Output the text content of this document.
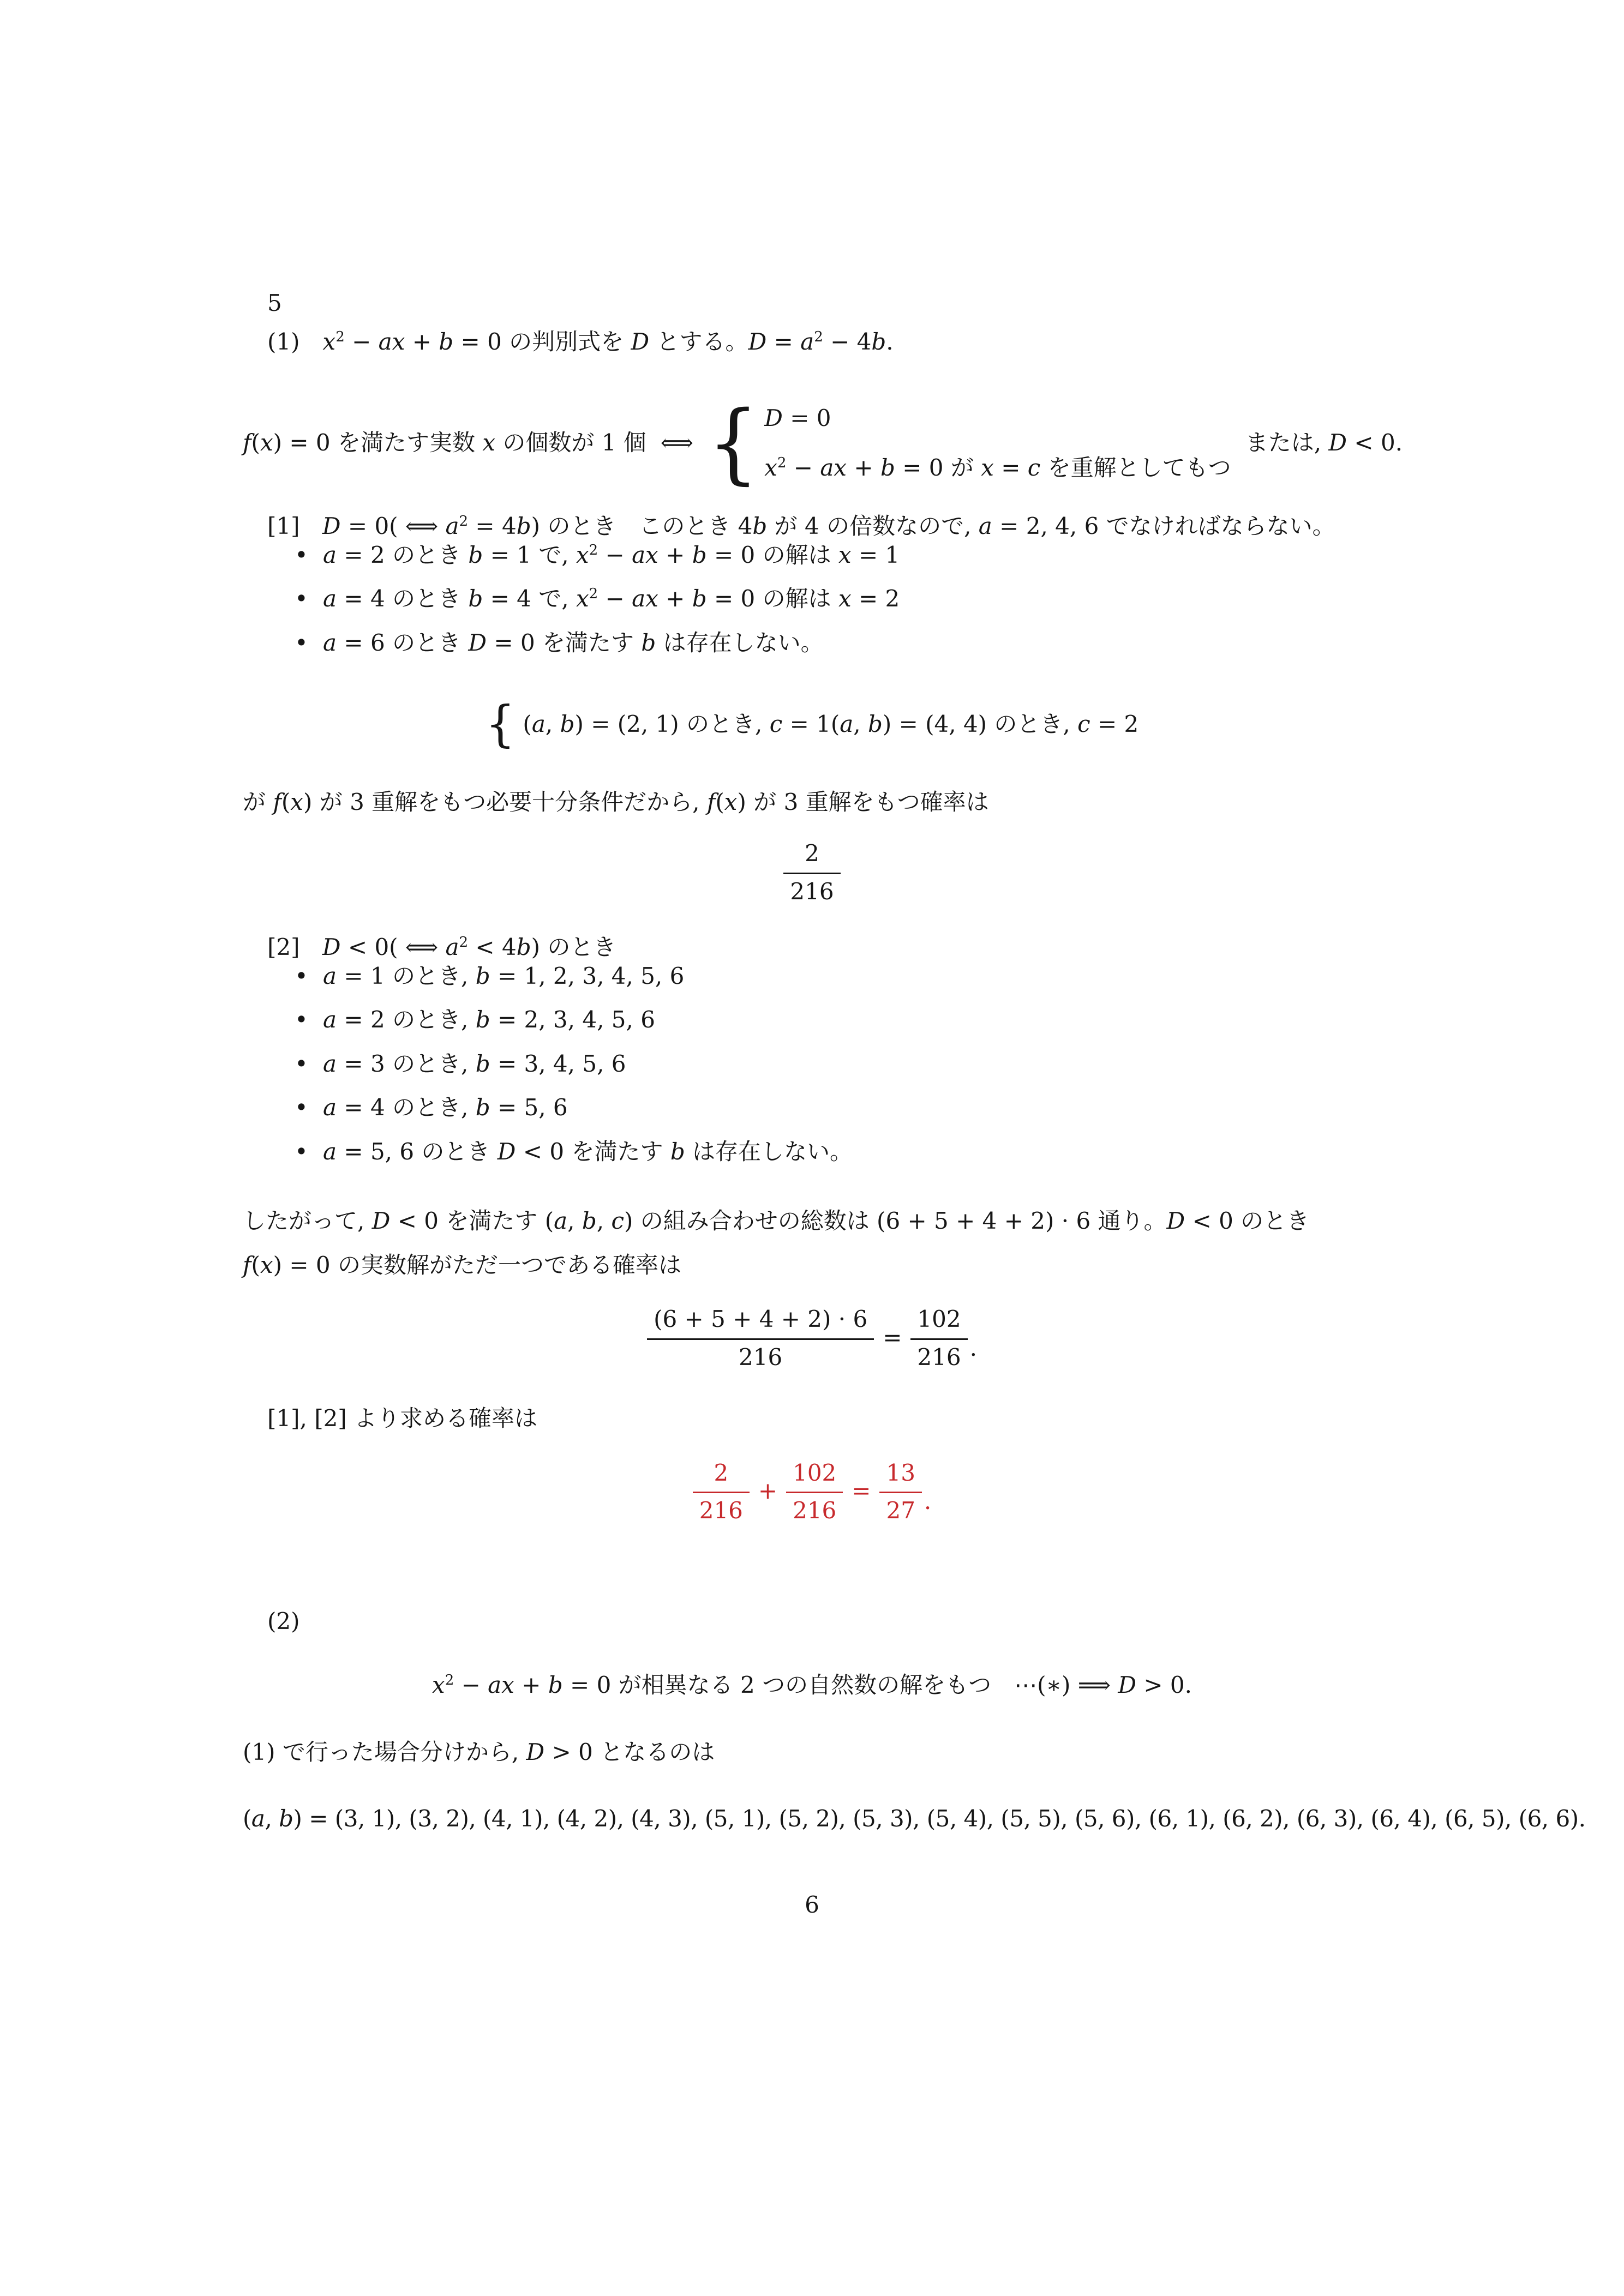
5
(1) $x^2$ − ax + b = 0 の判別式を D とする。$D = a^2 - 4b$.
f(x) = 0 を満たす実数 x の個数が 1 個 ⟺ { D = 0
$x^2$ − ax + b = 0 が x = c を重解としてもつ
または, D < 0.
[1] D = 0( ⟺ $a^2 = 4b$) のとき　このとき 4b が 4 の倍数なので, a = 2, 4, 6 でなければならない。
• a = 2 のとき b = 1 で, $x^2$ − ax + b = 0 の解は x = 1
• a = 4 のとき b = 4 で, $x^2$ − ax + b = 0 の解は x = 2
• a = 6 のとき D = 0 を満たす b は存在しない。
{ (a, b) = (2, 1) のとき, c = 1(a, b) = (4, 4) のとき, c = 2
が f(x) が 3 重解をもつ必要十分条件だから, f(x) が 3 重解をもつ確率は
$\frac{2}{216}$
[2] D < 0( ⟺ $a^2 < 4b$) のとき
• a = 1 のとき, b = 1, 2, 3, 4, 5, 6
• a = 2 のとき, b = 2, 3, 4, 5, 6
• a = 3 のとき, b = 3, 4, 5, 6
• a = 4 のとき, b = 5, 6
• a = 5, 6 のとき D < 0 を満たす b は存在しない。
したがって, D < 0 を満たす (a, b, c) の組み合わせの総数は (6 + 5 + 4 + 2) · 6 通り。D < 0 のとき
f(x) = 0 の実数解がただ一つである確率は
$\frac{(6 + 5 + 4 + 2) \cdot 6}{216} = \frac{102}{216}$ .
[1], [2] より求める確率は
$\frac{2}{216} + \frac{102}{216} = \frac{13}{27}$ .
(2)
$x^2$ − ax + b = 0 が相異なる 2 つの自然数の解をもつ ⋯(∗) ⟹ D > 0.
(1) で行った場合分けから, D > 0 となるのは
(a, b) = (3, 1), (3, 2), (4, 1), (4, 2), (4, 3), (5, 1), (5, 2), (5, 3), (5, 4), (5, 5), (5, 6), (6, 1), (6, 2), (6, 3), (6, 4), (6, 5), (6, 6).
6
